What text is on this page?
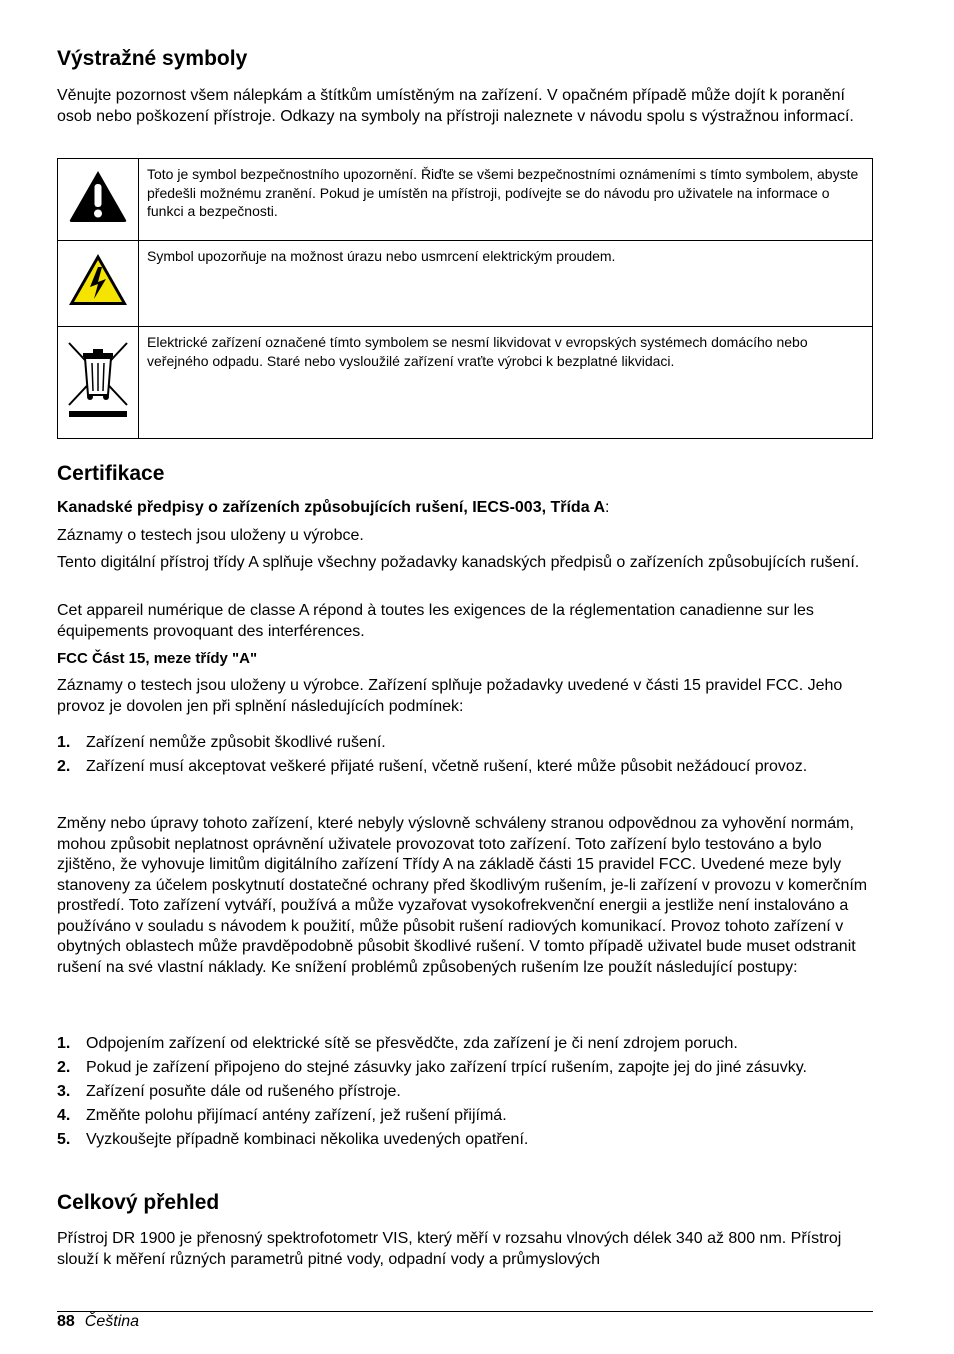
Výstražné symboly

Věnujte pozornost všem nálepkám a štítkům umístěným na zařízení. V opačném případě může dojít k poranění osob nebo poškození přístroje. Odkazy na symboly na přístroji naleznete v návodu spolu s výstražnou informací.

	Toto je symbol bezpečnostního upozornění. Řiďte se všemi bezpečnostními oznámeními s tímto symbolem, abyste předešli možnému zranění. Pokud je umístěn na přístroji, podívejte se do návodu pro uživatele na informace o funkci a bezpečnosti.
	Symbol upozorňuje na možnost úrazu nebo usmrcení elektrickým proudem.
	Elektrické zařízení označené tímto symbolem se nesmí likvidovat v evropských systémech domácího nebo veřejného odpadu. Staré nebo vysloužilé zařízení vraťte výrobci k bezplatné likvidaci.
Certifikace

Kanadské předpisy o zařízeních způsobujících rušení, IECS-003, Třída A:

Záznamy o testech jsou uloženy u výrobce.

Tento digitální přístroj třídy A splňuje všechny požadavky kanadských předpisů o zařízeních způsobujících rušení.

Cet appareil numérique de classe A répond à toutes les exigences de la réglementation canadienne sur les équipements provoquant des interférences.

FCC Část 15, meze třídy "A"

Záznamy o testech jsou uloženy u výrobce. Zařízení splňuje požadavky uvedené v části 15 pravidel FCC. Jeho provoz je dovolen jen při splnění následujících podmínek:

1. Zařízení nemůže způsobit škodlivé rušení.
2. Zařízení musí akceptovat veškeré přijaté rušení, včetně rušení, které může působit nežádoucí provoz.

Změny nebo úpravy tohoto zařízení, které nebyly výslovně schváleny stranou odpovědnou za vyhovění normám, mohou způsobit neplatnost oprávnění uživatele provozovat toto zařízení. Toto zařízení bylo testováno a bylo zjištěno, že vyhovuje limitům digitálního zařízení Třídy A na základě části 15 pravidel FCC. Uvedené meze byly stanoveny za účelem poskytnutí dostatečné ochrany před škodlivým rušením, je-li zařízení v provozu v komerčním prostředí. Toto zařízení vytváří, používá a může vyzařovat vysokofrekvenční energii a jestliže není instalováno a používáno v souladu s návodem k použití, může působit rušení radiových komunikací. Provoz tohoto zařízení v obytných oblastech může pravděpodobně působit škodlivé rušení. V tomto případě uživatel bude muset odstranit rušení na své vlastní náklady. Ke snížení problémů způsobených rušením lze použít následující postupy:

1. Odpojením zařízení od elektrické sítě se přesvědčte, zda zařízení je či není zdrojem poruch.
2. Pokud je zařízení připojeno do stejné zásuvky jako zařízení trpící rušením, zapojte jej do jiné zásuvky.
3. Zařízení posuňte dále od rušeného přístroje.
4. Změňte polohu přijímací antény zařízení, jež rušení přijímá.
5. Vyzkoušejte případně kombinaci několika uvedených opatření.
Celkový přehled

Přístroj DR 1900 je přenosný spektrofotometr VIS, který měří v rozsahu vlnových délek 340 až 800 nm. Přístroj slouží k měření různých parametrů pitné vody, odpadní vody a průmyslových

88 Čeština
